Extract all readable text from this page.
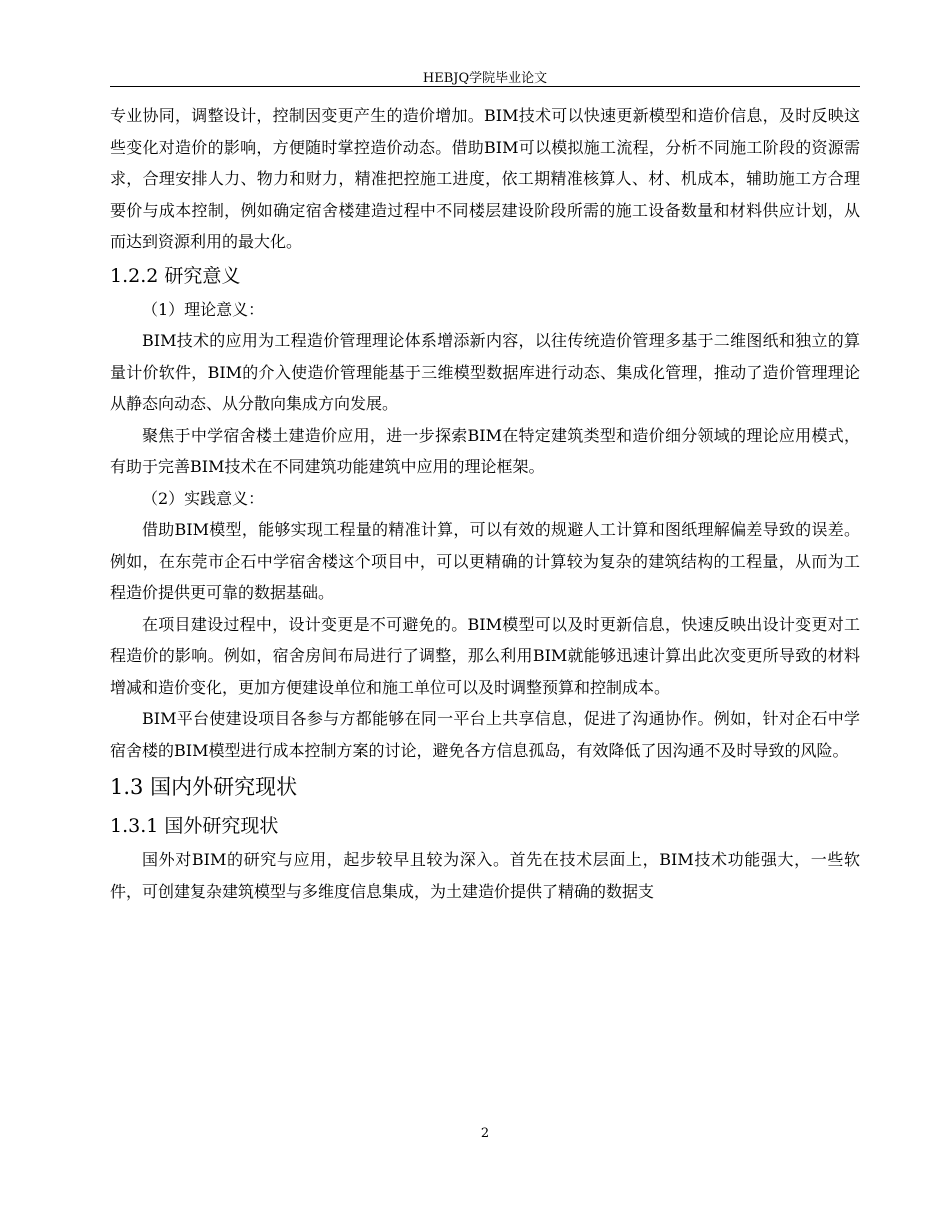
HEBJQ学院毕业论文

专业协同，调整设计，控制因变更产生的造价增加。BIM技术可以快速更新模型和造价信息，及时反映这些变化对造价的影响，方便随时掌控造价动态。借助BIM可以模拟施工流程，分析不同施工阶段的资源需求，合理安排人力、物力和财力，精准把控施工进度，依工期精准核算人、材、机成本，辅助施工方合理要价与成本控制，例如确定宿舍楼建造过程中不同楼层建设阶段所需的施工设备数量和材料供应计划，从而达到资源利用的最大化。

1.2.2 研究意义

（1）理论意义：

BIM技术的应用为工程造价管理理论体系增添新内容，以往传统造价管理多基于二维图纸和独立的算量计价软件，BIM的介入使造价管理能基于三维模型数据库进行动态、集成化管理，推动了造价管理理论从静态向动态、从分散向集成方向发展。

聚焦于中学宿舍楼土建造价应用，进一步探索BIM在特定建筑类型和造价细分领域的理论应用模式，有助于完善BIM技术在不同建筑功能建筑中应用的理论框架。

（2）实践意义：

借助BIM模型，能够实现工程量的精准计算，可以有效的规避人工计算和图纸理解偏差导致的误差。例如，在东莞市企石中学宿舍楼这个项目中，可以更精确的计算较为复杂的建筑结构的工程量，从而为工程造价提供更可靠的数据基础。

在项目建设过程中，设计变更是不可避免的。BIM模型可以及时更新信息，快速反映出设计变更对工程造价的影响。例如，宿舍房间布局进行了调整，那么利用BIM就能够迅速计算出此次变更所导致的材料增减和造价变化，更加方便建设单位和施工单位可以及时调整预算和控制成本。

BIM平台使建设项目各参与方都能够在同一平台上共享信息，促进了沟通协作。例如，针对企石中学宿舍楼的BIM模型进行成本控制方案的讨论，避免各方信息孤岛，有效降低了因沟通不及时导致的风险。

1.3 国内外研究现状
1.3.1 国外研究现状

国外对BIM的研究与应用，起步较早且较为深入。首先在技术层面上，BIM技术功能强大，一些软件，可创建复杂建筑模型与多维度信息集成，为土建造价提供了精确的数据支

2
